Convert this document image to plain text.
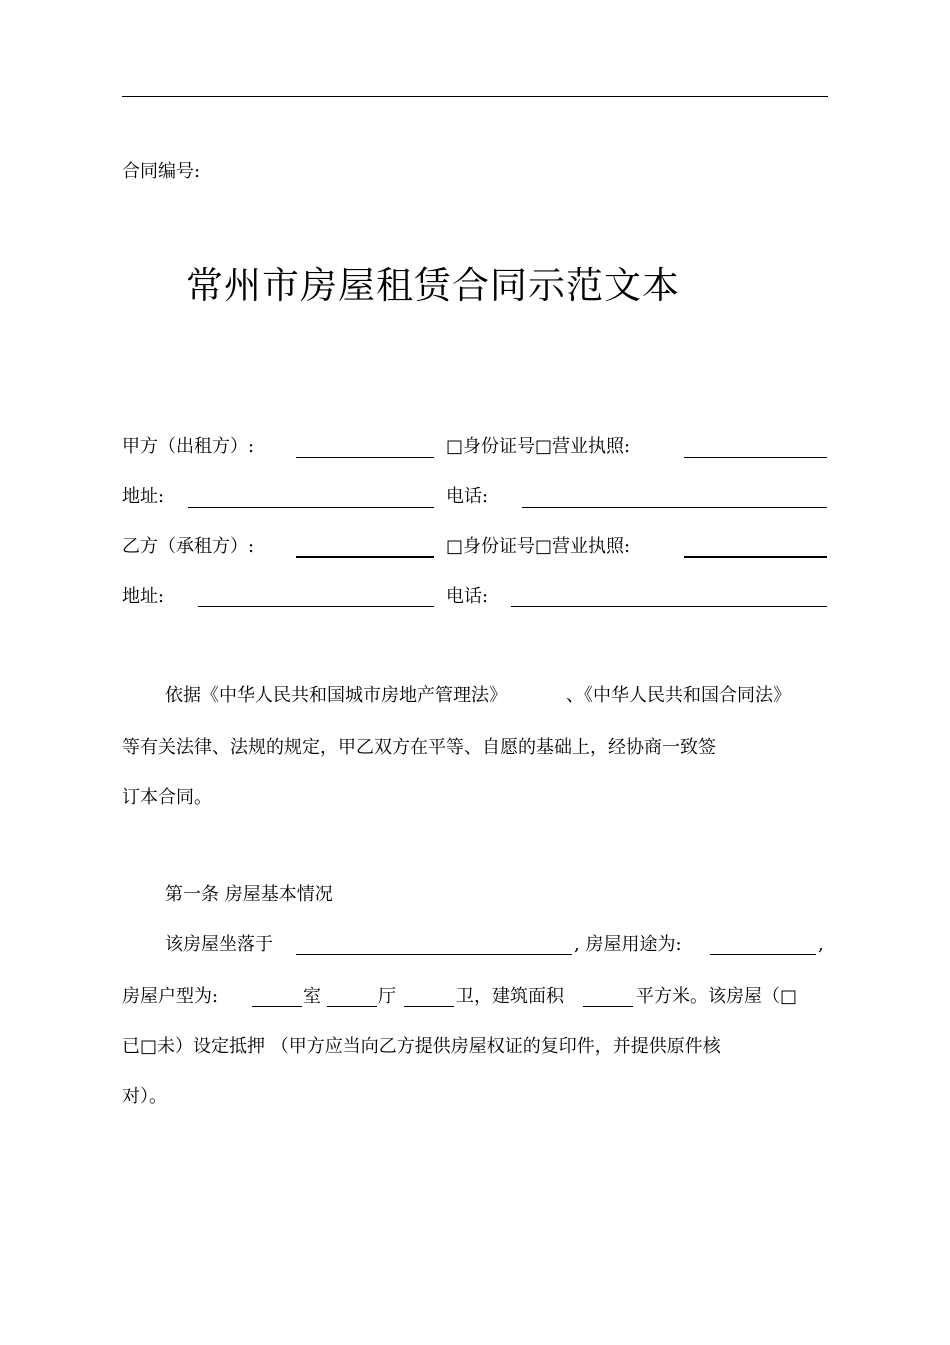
合同编号:
常州市房屋租赁合同示范文本
甲方（出租方）:	□身份证号□营业执照:
地址:	电话:
乙方（承租方）:	□身份证号□营业执照:
地址:	电话:
依据《中华人民共和国城市房地产管理法》	、《中华人民共和国合同法》
等有关法律、法规的规定，甲乙双方在平等、自愿的基础上，经协商一致签
订本合同。
第一条 房屋基本情况
该房屋坐落于	, 房屋用途为:	,
房屋户型为:	室	厅	卫，建筑面积	平方米。该房屋（□
已□未）设定抵押 （甲方应当向乙方提供房屋权证的复印件，并提供原件核
对）。
